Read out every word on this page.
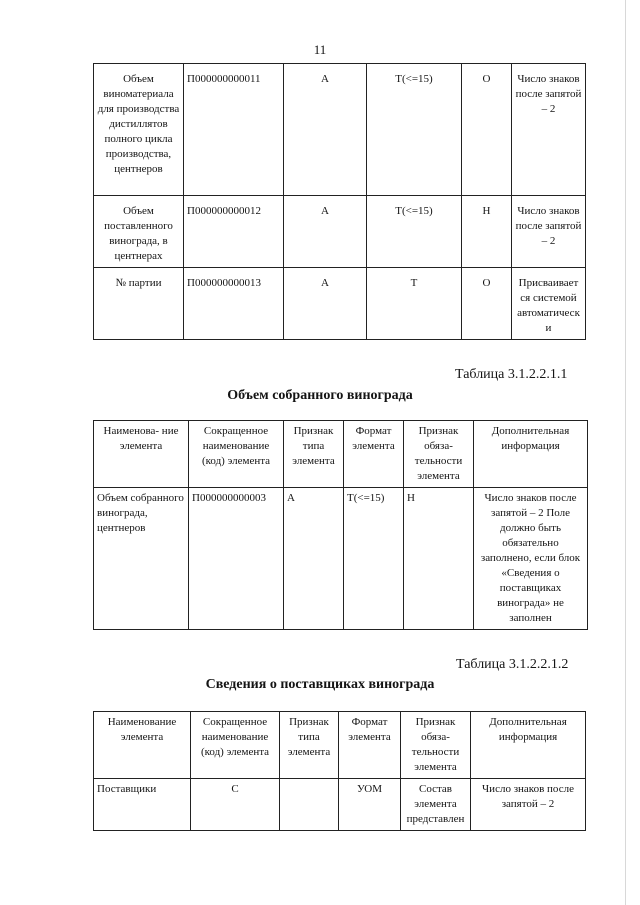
11
Объем виноматериала для производства дистиллятов полного цикла производства, центнеров	П000000000011	А	Т(<=15)	О	Число знаков после запятой – 2
Объем поставленного винограда, в центнерах	П000000000012	А	Т(<=15)	Н	Число знаков после запятой – 2
№ партии	П000000000013	А	Т	О	Присваивает ся системой автоматическ и
Таблица 3.1.2.2.1.1
Объем собранного винограда
Наименова- ние элемента	Сокращенное наименование (код) элемента	Признак типа элемента	Формат элемента	Признак обяза- тельности элемента	Дополнительная информация
Объем собранного винограда, центнеров	П000000000003	А	Т(<=15)	Н	Число знаков после запятой – 2 Поле должно быть обязательно заполнено, если блок «Сведения о поставщиках винограда» не заполнен
Таблица 3.1.2.2.1.2
Сведения о поставщиках винограда
Наименование элемента	Сокращенное наименование (код) элемента	Признак типа элемента	Формат элемента	Признак обяза- тельности элемента	Дополнительная информация
Поставщики	С		УОМ	Состав элемента представлен	Число знаков после запятой – 2
